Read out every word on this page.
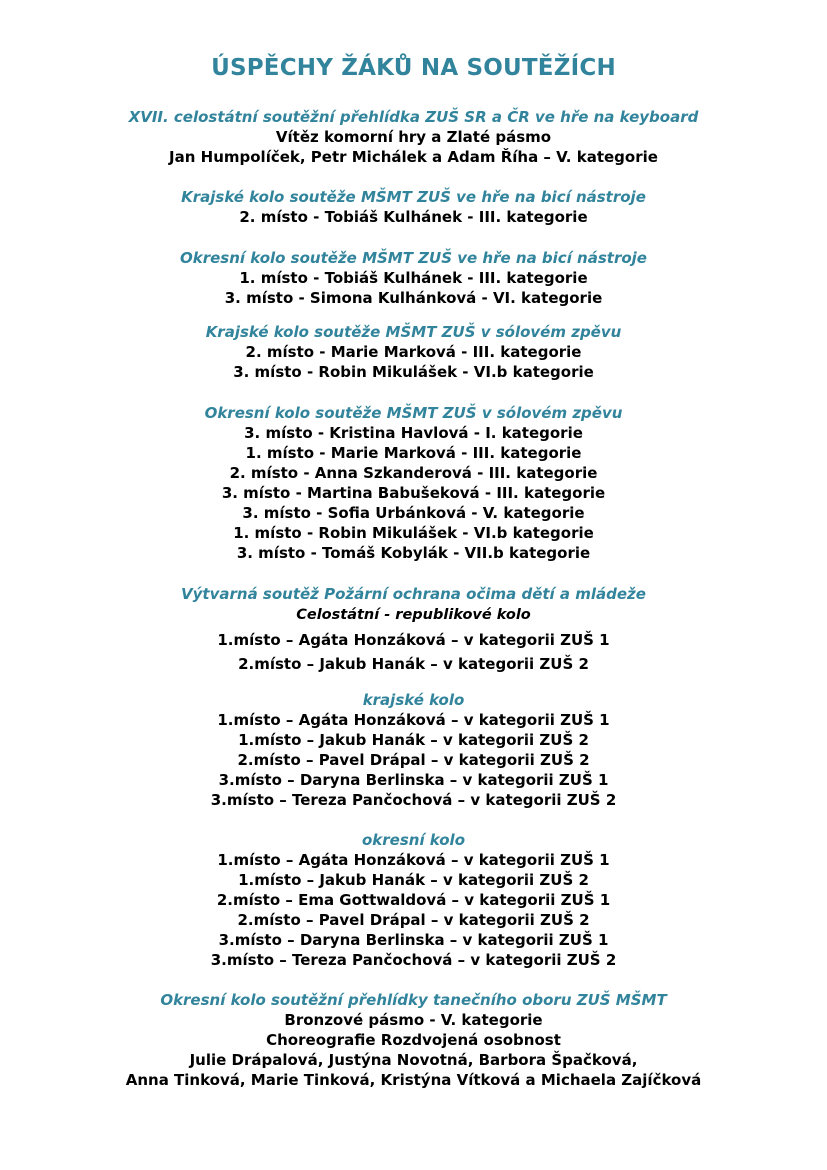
ÚSPĚCHY ŽÁKŮ NA SOUTĚŽÍCH
XVII. celostátní soutěžní přehlídka ZUŠ SR a ČR ve hře na keyboard
Vítěz komorní hry a Zlaté pásmo
Jan Humpolíček, Petr Michálek a Adam Říha – V. kategorie
Krajské kolo soutěže MŠMT ZUŠ ve hře na bicí nástroje
2. místo - Tobiáš Kulhánek - III. kategorie
Okresní kolo soutěže MŠMT ZUŠ ve hře na bicí nástroje
1. místo - Tobiáš Kulhánek - III. kategorie
3. místo - Simona Kulhánková - VI. kategorie
Krajské kolo soutěže MŠMT ZUŠ v sólovém zpěvu
2. místo - Marie Marková - III. kategorie
3. místo - Robin Mikulášek - VI.b kategorie
Okresní kolo soutěže MŠMT ZUŠ v sólovém zpěvu
3. místo - Kristina Havlová - I. kategorie
1. místo - Marie Marková - III. kategorie
2. místo - Anna Szkanderová - III. kategorie
3. místo - Martina Babušeková - III. kategorie
3. místo - Sofia Urbánková - V. kategorie
1. místo - Robin Mikulášek - VI.b kategorie
3. místo - Tomáš Kobylák - VII.b kategorie
Výtvarná soutěž Požární ochrana očima dětí a mládeže
Celostátní - republikové kolo
1.místo – Agáta Honzáková – v kategorii ZUŠ 1
2.místo – Jakub Hanák – v kategorii ZUŠ 2
krajské kolo
1.místo – Agáta Honzáková – v kategorii ZUŠ 1
1.místo – Jakub Hanák – v kategorii ZUŠ 2
2.místo – Pavel Drápal – v kategorii ZUŠ 2
3.místo – Daryna Berlinska – v kategorii ZUŠ 1
3.místo – Tereza Pančochová – v kategorii ZUŠ 2
okresní kolo
1.místo – Agáta Honzáková – v kategorii ZUŠ 1
1.místo – Jakub Hanák – v kategorii ZUŠ 2
2.místo – Ema Gottwaldová – v kategorii ZUŠ 1
2.místo – Pavel Drápal – v kategorii ZUŠ 2
3.místo – Daryna Berlinska – v kategorii ZUŠ 1
3.místo – Tereza Pančochová – v kategorii ZUŠ 2
Okresní kolo soutěžní přehlídky tanečního oboru ZUŠ MŠMT
Bronzové pásmo - V. kategorie
Choreografie Rozdvojená osobnost
Julie Drápalová, Justýna Novotná, Barbora Špačková,
Anna Tinková, Marie Tinková, Kristýna Vítková a Michaela Zajíčková
